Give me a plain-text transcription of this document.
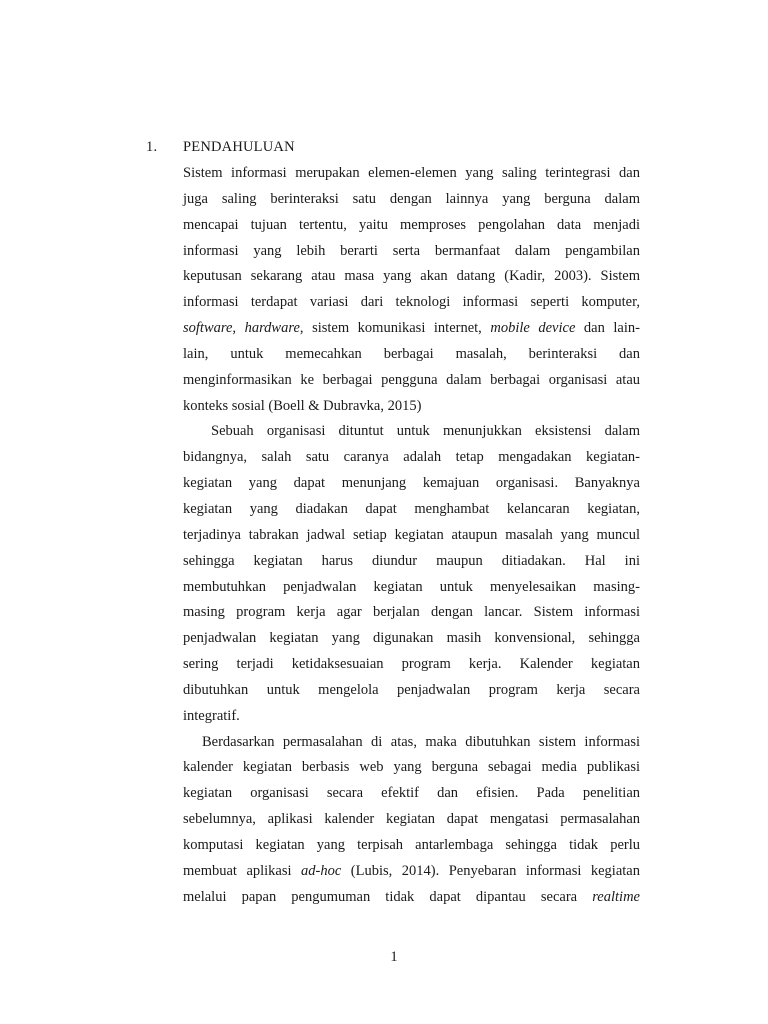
1. PENDAHULUAN
Sistem informasi merupakan elemen-elemen yang saling terintegrasi dan
juga saling berinteraksi satu dengan lainnya yang berguna dalam
mencapai tujuan tertentu, yaitu memproses pengolahan data menjadi
informasi yang lebih berarti serta bermanfaat dalam pengambilan
keputusan sekarang atau masa yang akan datang (Kadir, 2003). Sistem
informasi terdapat variasi dari teknologi informasi seperti komputer,
software, hardware, sistem komunikasi internet, mobile device dan lain-
lain, untuk memecahkan berbagai masalah, berinteraksi dan
menginformasikan ke berbagai pengguna dalam berbagai organisasi atau
konteks sosial (Boell & Dubravka, 2015)
Sebuah organisasi dituntut untuk menunjukkan eksistensi dalam
bidangnya, salah satu caranya adalah tetap mengadakan kegiatan-
kegiatan yang dapat menunjang kemajuan organisasi. Banyaknya
kegiatan yang diadakan dapat menghambat kelancaran kegiatan,
terjadinya tabrakan jadwal setiap kegiatan ataupun masalah yang muncul
sehingga kegiatan harus diundur maupun ditiadakan. Hal ini
membutuhkan penjadwalan kegiatan untuk menyelesaikan masing-
masing program kerja agar berjalan dengan lancar. Sistem informasi
penjadwalan kegiatan yang digunakan masih konvensional, sehingga
sering terjadi ketidaksesuaian program kerja. Kalender kegiatan
dibutuhkan untuk mengelola penjadwalan program kerja secara
integratif.
Berdasarkan permasalahan di atas, maka dibutuhkan sistem informasi
kalender kegiatan berbasis web yang berguna sebagai media publikasi
kegiatan organisasi secara efektif dan efisien. Pada penelitian
sebelumnya, aplikasi kalender kegiatan dapat mengatasi permasalahan
komputasi kegiatan yang terpisah antarlembaga sehingga tidak perlu
membuat aplikasi ad-hoc (Lubis, 2014). Penyebaran informasi kegiatan
melalui papan pengumuman tidak dapat dipantau secara realtime
1
